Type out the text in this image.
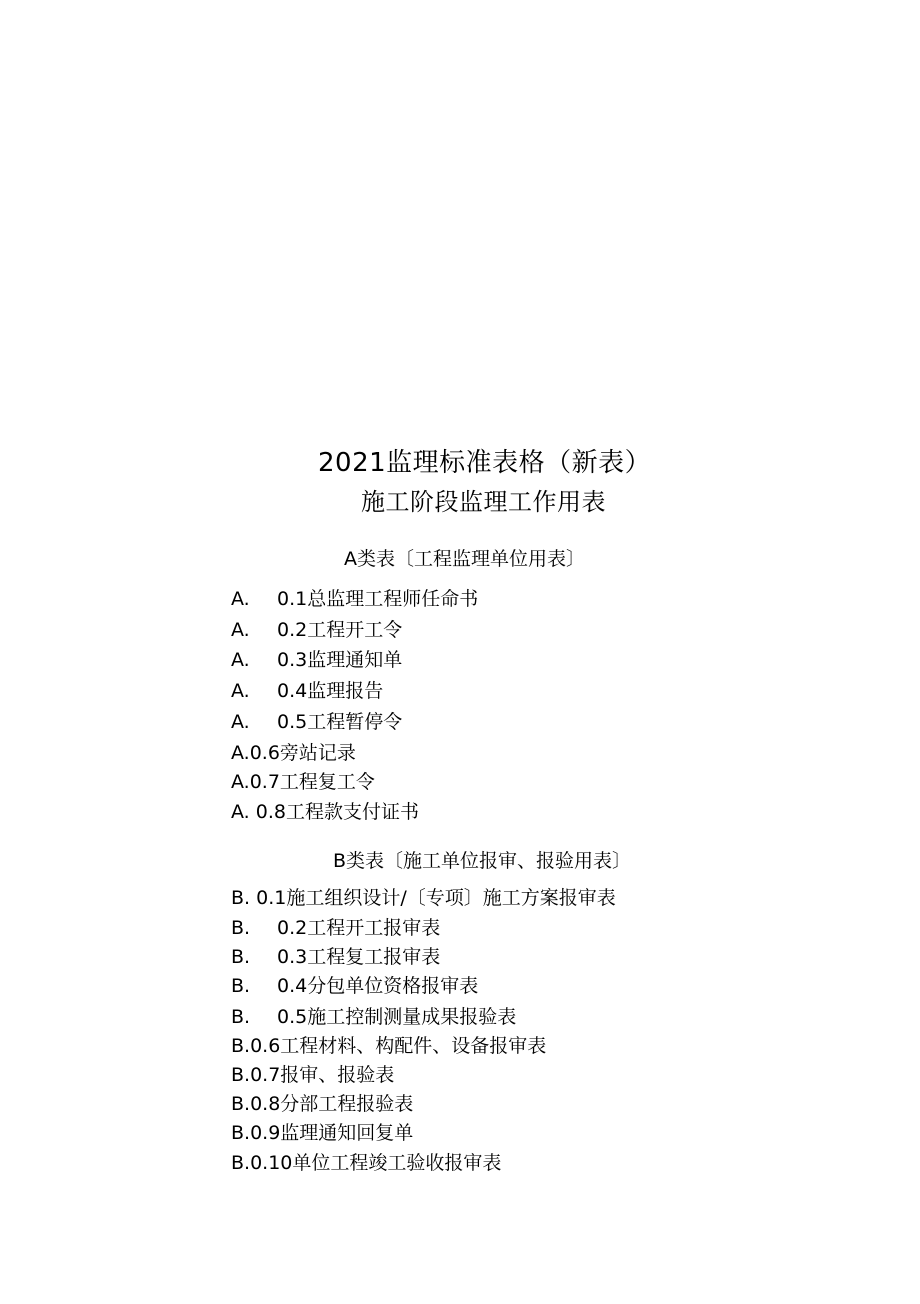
2021监理标准表格（新表）
施工阶段监理工作用表
A类表〔工程监理单位用表〕
A. 0.1总监理工程师任命书
A. 0.2工程开工令
A. 0.3监理通知单
A. 0.4监理报告
A. 0.5工程暂停令
A.0.6旁站记录
A.0.7工程复工令
A. 0.8工程款支付证书
B类表〔施工单位报审、报验用表〕
B. 0.1施工组织设计/〔专项〕施工方案报审表
B. 0.2工程开工报审表
B. 0.3工程复工报审表
B. 0.4分包单位资格报审表
B. 0.5施工控制测量成果报验表
B.0.6工程材料、构配件、设备报审表
B.0.7报审、报验表
B.0.8分部工程报验表
B.0.9监理通知回复单
B.0.10单位工程竣工验收报审表
